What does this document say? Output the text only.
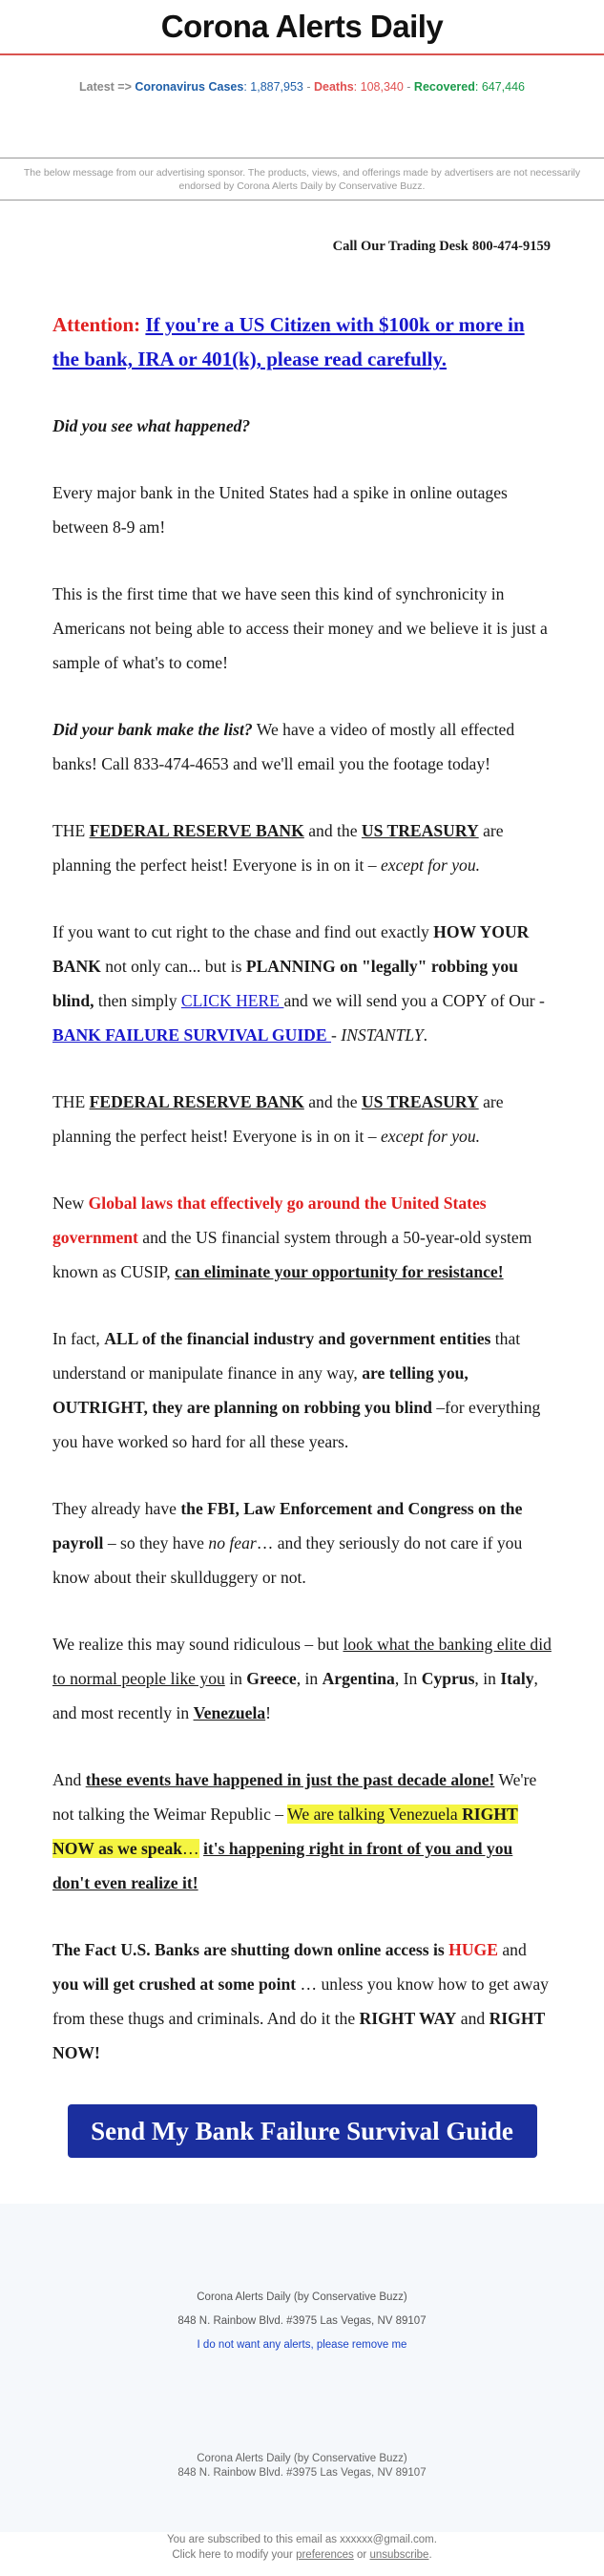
Corona Alerts Daily
Latest => Coronavirus Cases: 1,887,953 - Deaths: 108,340 - Recovered: 647,446
The below message from our advertising sponsor. The products, views, and offerings made by advertisers are not necessarily endorsed by Corona Alerts Daily by Conservative Buzz.
Call Our Trading Desk 800-474-9159
Attention: If you're a US Citizen with $100k or more in the bank, IRA or 401(k), please read carefully.

Did you see what happened?

Every major bank in the United States had a spike in online outages between 8-9 am!

This is the first time that we have seen this kind of synchronicity in Americans not being able to access their money and we believe it is just a sample of what's to come!

Did your bank make the list? We have a video of mostly all effected banks! Call 833-474-4653 and we'll email you the footage today!

THE FEDERAL RESERVE BANK and the US TREASURY are planning the perfect heist! Everyone is in on it – except for you.

If you want to cut right to the chase and find out exactly HOW YOUR BANK not only can... but is PLANNING on "legally" robbing you blind, then simply CLICK HERE and we will send you a COPY of Our - BANK FAILURE SURVIVAL GUIDE - INSTANTLY.

THE FEDERAL RESERVE BANK and the US TREASURY are planning the perfect heist! Everyone is in on it – except for you.

New Global laws that effectively go around the United States government and the US financial system through a 50-year-old system known as CUSIP, can eliminate your opportunity for resistance!

In fact, ALL of the financial industry and government entities that understand or manipulate finance in any way, are telling you, OUTRIGHT, they are planning on robbing you blind –for everything you have worked so hard for all these years.

They already have the FBI, Law Enforcement and Congress on the payroll – so they have no fear… and they seriously do not care if you know about their skullduggery or not.

We realize this may sound ridiculous – but look what the banking elite did to normal people like you in Greece, in Argentina, In Cyprus, in Italy, and most recently in Venezuela!

And these events have happened in just the past decade alone! We're not talking the Weimar Republic – We are talking Venezuela RIGHT NOW as we speak… it's happening right in front of you and you don't even realize it!

The Fact U.S. Banks are shutting down online access is HUGE and you will get crushed at some point … unless you know how to get away from these thugs and criminals. And do it the RIGHT WAY and RIGHT NOW!

Send My Bank Failure Survival Guide
Corona Alerts Daily (by Conservative Buzz)
848 N. Rainbow Blvd. #3975 Las Vegas, NV 89107
I do not want any alerts, please remove me
Corona Alerts Daily (by Conservative Buzz)
848 N. Rainbow Blvd. #3975 Las Vegas, NV 89107
You are subscribed to this email as xxxxxx@gmail.com.
Click here to modify your preferences or unsubscribe.
